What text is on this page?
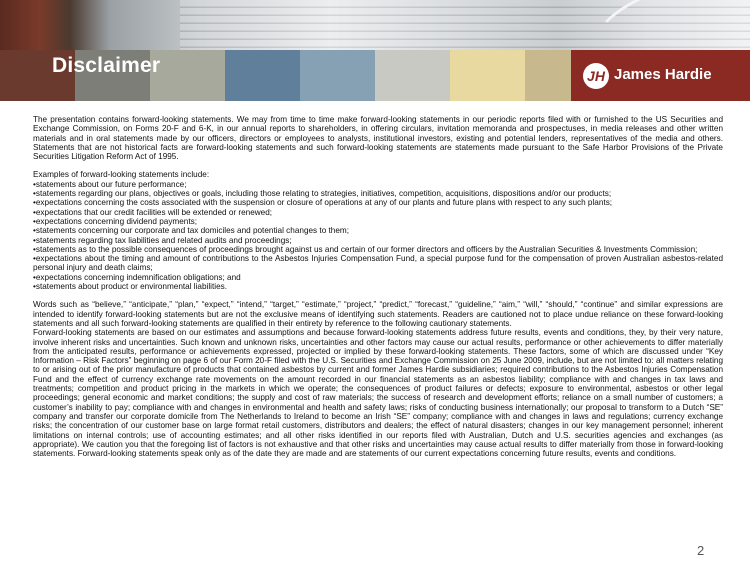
Disclaimer	JH James Hardie

The presentation contains forward-looking statements. We may from time to time make forward-looking statements in our periodic reports filed with or furnished to the US Securities and Exchange Commission, on Forms 20-F and 6-K, in our annual reports to shareholders, in offering circulars, invitation memoranda and prospectuses, in media releases and other written materials and in oral statements made by our officers, directors or employees to analysts, institutional investors, existing and potential lenders, representatives of the media and others. Statements that are not historical facts are forward-looking statements and such forward-looking statements are statements made pursuant to the Safe Harbor Provisions of the Private Securities Litigation Reform Act of 1995.

Examples of forward-looking statements include:

•statements about our future performance;

•statements regarding our plans, objectives or goals, including those relating to strategies, initiatives, competition, acquisitions, dispositions and/or our products;

•expectations concerning the costs associated with the suspension or closure of operations at any of our plants and future plans with respect to any such plants;

•expectations that our credit facilities will be extended or renewed;

•expectations concerning dividend payments;

•statements concerning our corporate and tax domiciles and potential changes to them;

•statements regarding tax liabilities and related audits and proceedings;

•statements as to the possible consequences of proceedings brought against us and certain of our former directors and officers by the Australian Securities & Investments Commission;

•expectations about the timing and amount of contributions to the Asbestos Injuries Compensation Fund, a special purpose fund for the compensation of proven Australian asbestos-related personal injury and death claims;

•expectations concerning indemnification obligations; and

•statements about product or environmental liabilities.

Words such as “believe,” “anticipate,” “plan,” “expect,” “intend,” “target,” “estimate,” “project,” “predict,” “forecast,” “guideline,” “aim,” “will,” “should,” “continue” and similar expressions are intended to identify forward-looking statements but are not the exclusive means of identifying such statements. Readers are cautioned not to place undue reliance on these forward-looking statements and all such forward-looking statements are qualified in their entirety by reference to the following cautionary statements.

Forward-looking statements are based on our estimates and assumptions and because forward-looking statements address future results, events and conditions, they, by their very nature, involve inherent risks and uncertainties. Such known and unknown risks, uncertainties and other factors may cause our actual results, performance or other achievements to differ materially from the anticipated results, performance or achievements expressed, projected or implied by these forward-looking statements. These factors, some of which are discussed under “Key Information – Risk Factors” beginning on page 6 of our Form 20-F filed with the U.S. Securities and Exchange Commission on 25 June 2009, include, but are not limited to: all matters relating to or arising out of the prior manufacture of products that contained asbestos by current and former James Hardie subsidiaries; required contributions to the Asbestos Injuries Compensation Fund and the effect of currency exchange rate movements on the amount recorded in our financial statements as an asbestos liability; compliance with and changes in tax laws and treatments; competition and product pricing in the markets in which we operate; the consequences of product failures or defects; exposure to environmental, asbestos or other legal proceedings; general economic and market conditions; the supply and cost of raw materials; the success of research and development efforts; reliance on a small number of customers; a customer’s inability to pay; compliance with and changes in environmental and health and safety laws; risks of conducting business internationally; our proposal to transform to a Dutch “SE” company and transfer our corporate domicile from The Netherlands to Ireland to become an Irish “SE” company; compliance with and changes in laws and regulations; currency exchange risks; the concentration of our customer base on large format retail customers, distributors and dealers; the effect of natural disasters; changes in our key management personnel; inherent limitations on internal controls; use of accounting estimates; and all other risks identified in our reports filed with Australian, Dutch and U.S. securities agencies and exchanges (as appropriate). We caution you that the foregoing list of factors is not exhaustive and that other risks and uncertainties may cause actual results to differ materially from those in forward-looking statements. Forward-looking statements speak only as of the date they are made and are statements of our current expectations concerning future results, events and conditions.

2
